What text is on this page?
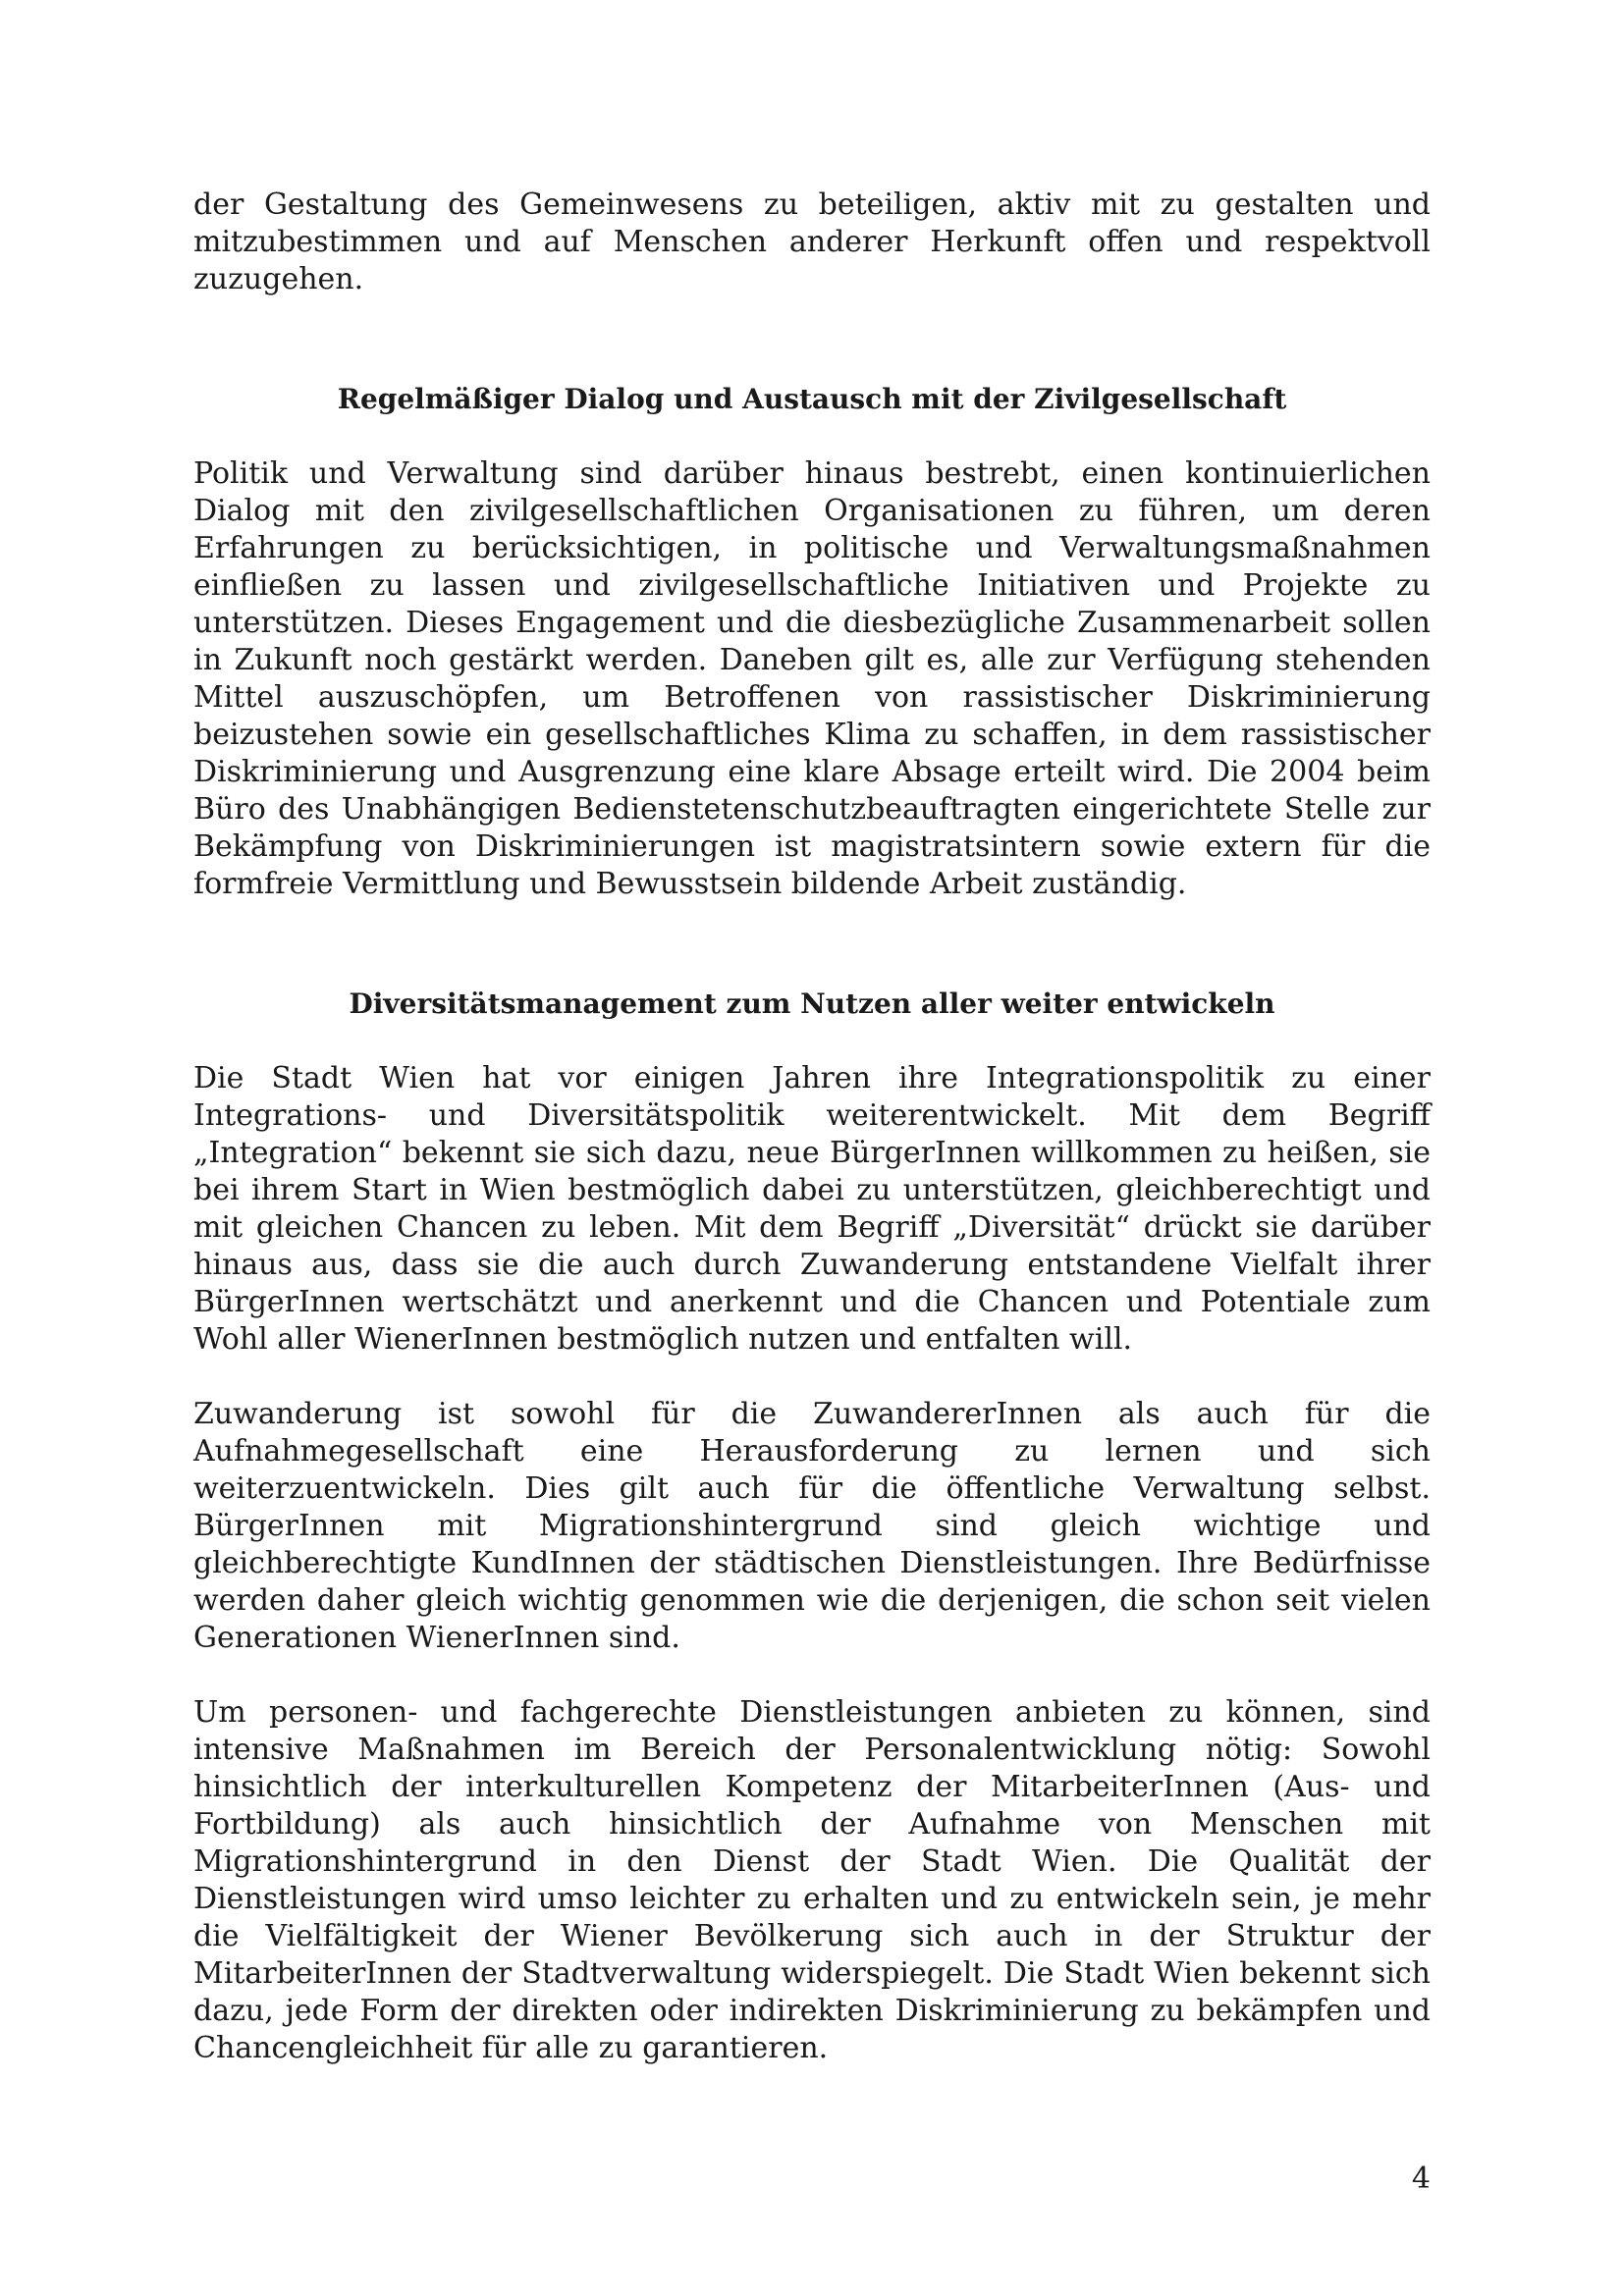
der Gestaltung des Gemeinwesens zu beteiligen, aktiv mit zu gestalten und mitzubestimmen und auf Menschen anderer Herkunft offen und respektvoll zuzugehen.

Regelmäßiger Dialog und Austausch mit der Zivilgesellschaft

Politik und Verwaltung sind darüber hinaus bestrebt, einen kontinuierlichen Dialog mit den zivilgesellschaftlichen Organisationen zu führen, um deren Erfahrungen zu berücksichtigen, in politische und Verwaltungsmaßnahmen einfließen zu lassen und zivilgesellschaftliche Initiativen und Projekte zu unterstützen. Dieses Engagement und die diesbezügliche Zusammenarbeit sollen in Zukunft noch gestärkt werden. Daneben gilt es, alle zur Verfügung stehenden Mittel auszuschöpfen, um Betroffenen von rassistischer Diskriminierung beizustehen sowie ein gesellschaftliches Klima zu schaffen, in dem rassistischer Diskriminierung und Ausgrenzung eine klare Absage erteilt wird. Die 2004 beim Büro des Unabhängigen Bedienstetenschutzbeauftragten eingerichtete Stelle zur Bekämpfung von Diskriminierungen ist magistratsintern sowie extern für die formfreie Vermittlung und Bewusstsein bildende Arbeit zuständig.

Diversitätsmanagement zum Nutzen aller weiter entwickeln

Die Stadt Wien hat vor einigen Jahren ihre Integrationspolitik zu einer Integrations- und Diversitätspolitik weiterentwickelt. Mit dem Begriff „Integration“ bekennt sie sich dazu, neue BürgerInnen willkommen zu heißen, sie bei ihrem Start in Wien bestmöglich dabei zu unterstützen, gleichberechtigt und mit gleichen Chancen zu leben. Mit dem Begriff „Diversität“ drückt sie darüber hinaus aus, dass sie die auch durch Zuwanderung entstandene Vielfalt ihrer BürgerInnen wertschätzt und anerkennt und die Chancen und Potentiale zum Wohl aller WienerInnen bestmöglich nutzen und entfalten will.

Zuwanderung ist sowohl für die ZuwandererInnen als auch für die Aufnahmegesellschaft eine Herausforderung zu lernen und sich weiterzuentwickeln. Dies gilt auch für die öffentliche Verwaltung selbst. BürgerInnen mit Migrationshintergrund sind gleich wichtige und gleichberechtigte KundInnen der städtischen Dienstleistungen. Ihre Bedürfnisse werden daher gleich wichtig genommen wie die derjenigen, die schon seit vielen Generationen WienerInnen sind.

Um personen- und fachgerechte Dienstleistungen anbieten zu können, sind intensive Maßnahmen im Bereich der Personalentwicklung nötig: Sowohl hinsichtlich der interkulturellen Kompetenz der MitarbeiterInnen (Aus- und Fortbildung) als auch hinsichtlich der Aufnahme von Menschen mit Migrationshintergrund in den Dienst der Stadt Wien. Die Qualität der Dienstleistungen wird umso leichter zu erhalten und zu entwickeln sein, je mehr die Vielfältigkeit der Wiener Bevölkerung sich auch in der Struktur der MitarbeiterInnen der Stadtverwaltung widerspiegelt. Die Stadt Wien bekennt sich dazu, jede Form der direkten oder indirekten Diskriminierung zu bekämpfen und Chancengleichheit für alle zu garantieren.

4
